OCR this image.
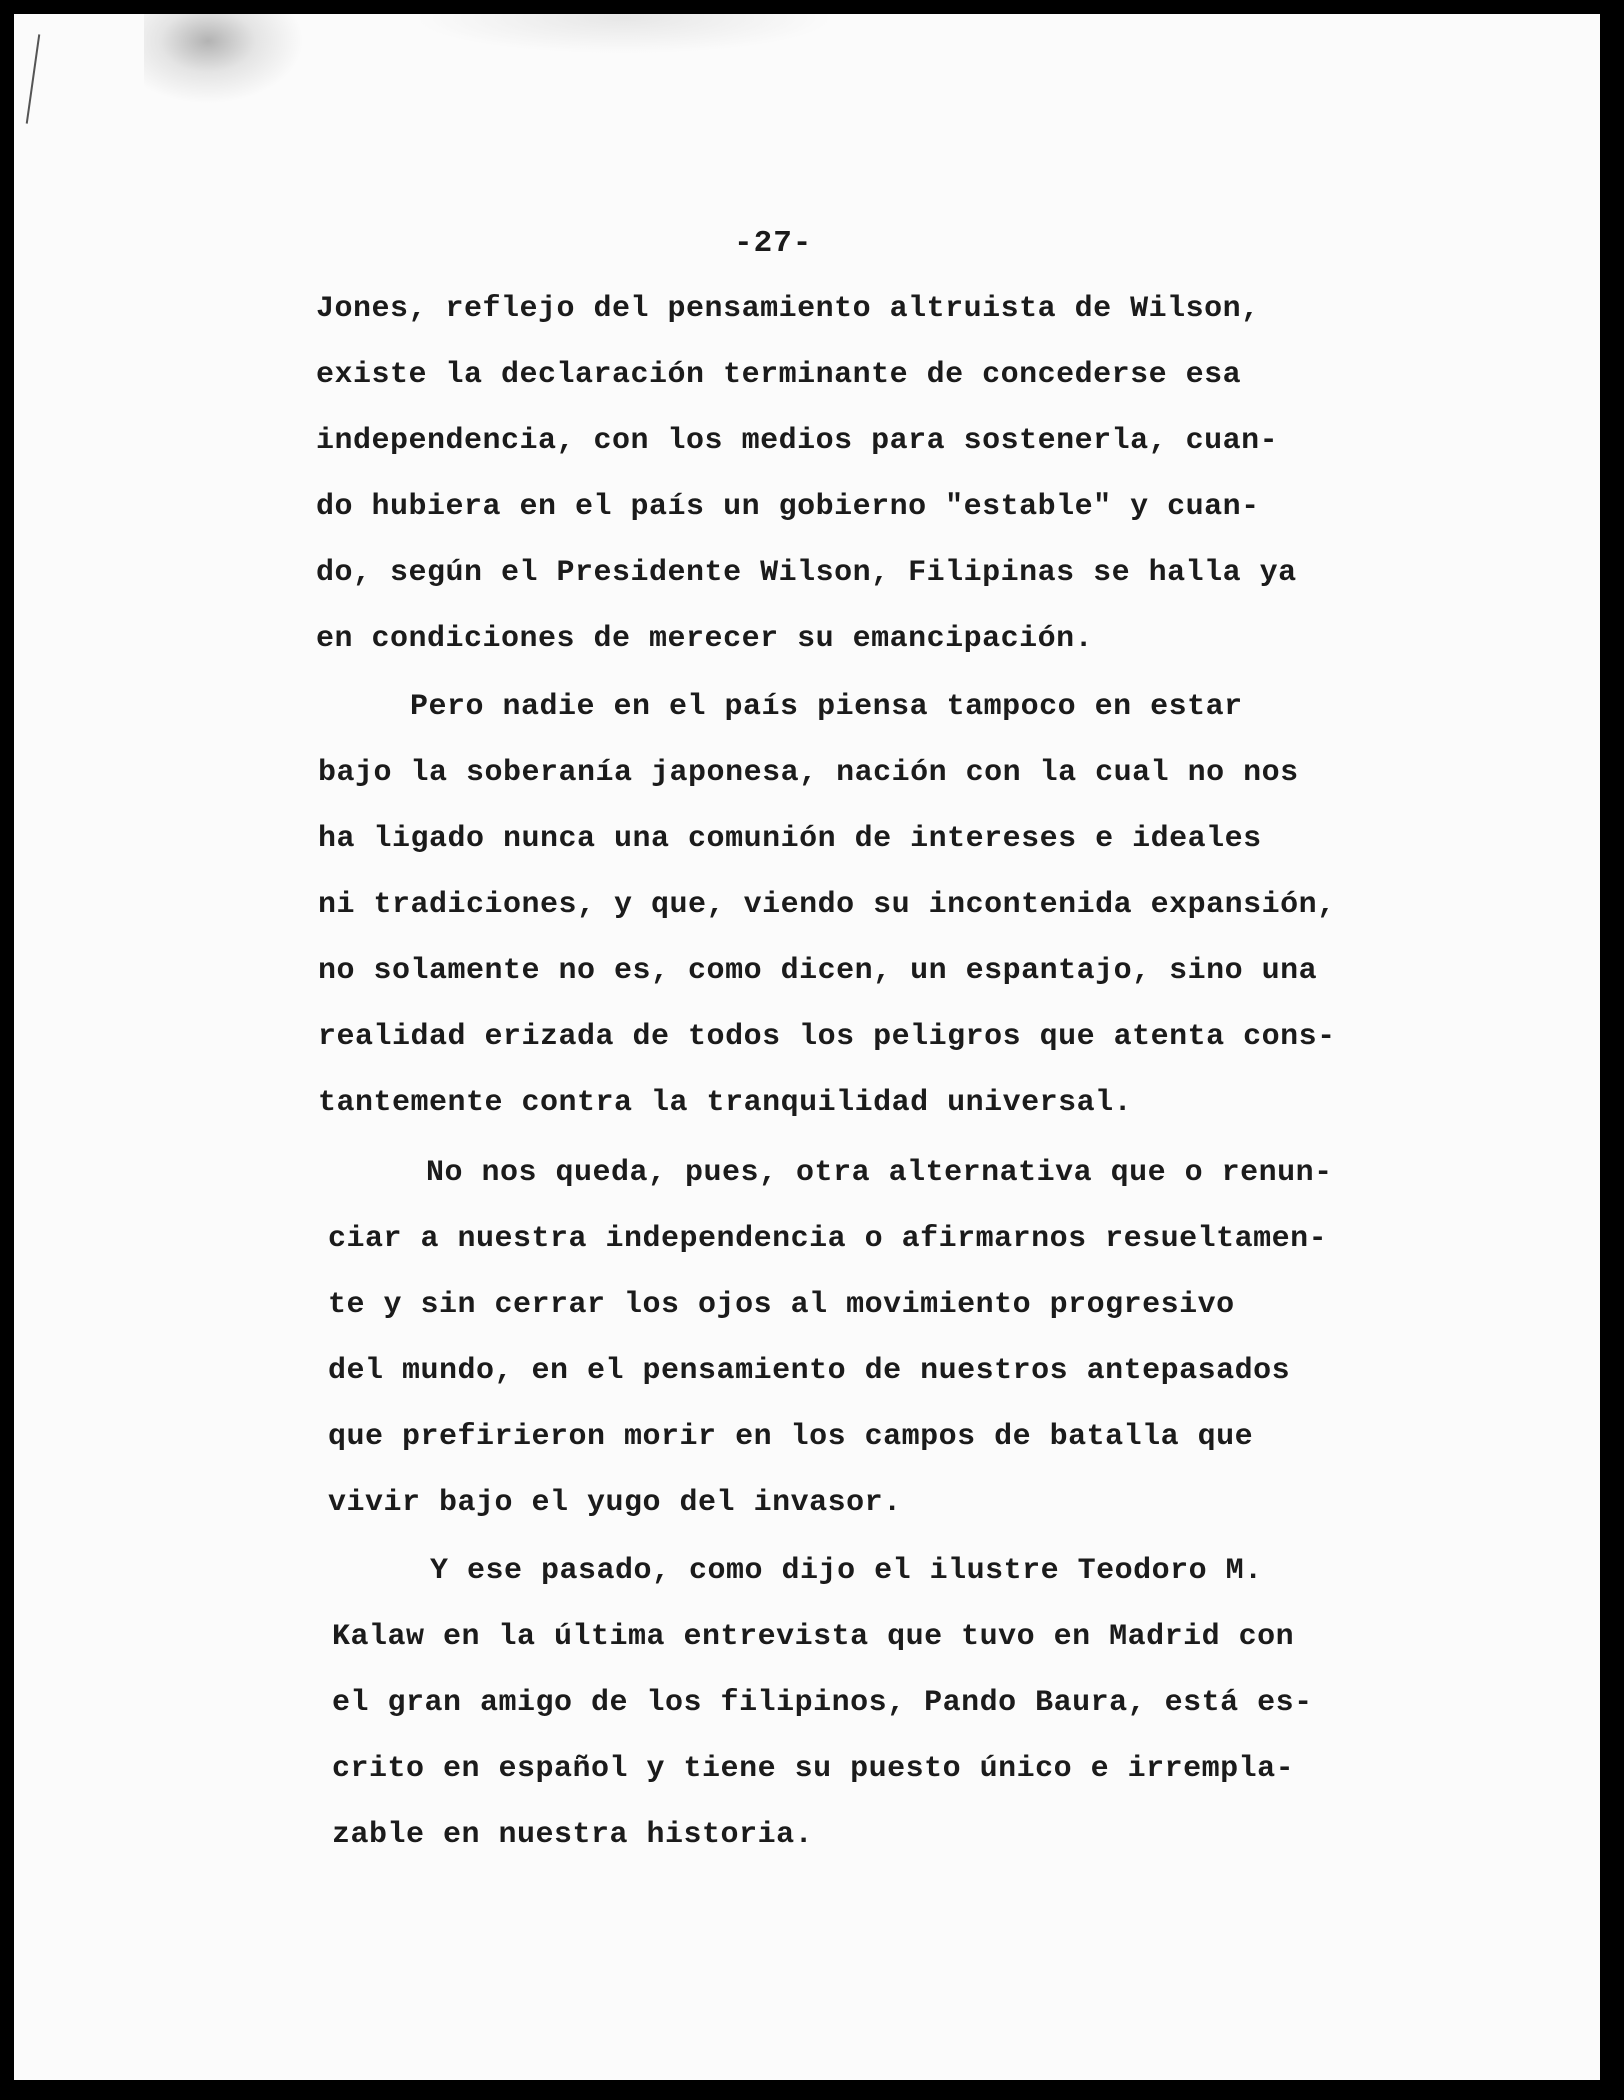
-27-
Jones, reflejo del pensamiento altruista de Wilson,
existe la declaración terminante de concederse esa
independencia, con los medios para sostenerla, cuan-
do hubiera en el país un gobierno "estable" y cuan-
do, según el Presidente Wilson, Filipinas se halla ya
en condiciones de merecer su emancipación.
Pero nadie en el país piensa tampoco en estar
bajo la soberanía japonesa, nación con la cual no nos
ha ligado nunca una comunión de intereses e ideales
ni tradiciones, y que, viendo su incontenida expansión,
no solamente no es, como dicen, un espantajo, sino una
realidad erizada de todos los peligros que atenta cons-
tantemente contra la tranquilidad universal.
No nos queda, pues, otra alternativa que o renun-
ciar a nuestra independencia o afirmarnos resueltamen-
te y sin cerrar los ojos al movimiento progresivo
del mundo, en el pensamiento de nuestros antepasados
que prefirieron morir en los campos de batalla que
vivir bajo el yugo del invasor.
Y ese pasado, como dijo el ilustre Teodoro M.
Kalaw en la última entrevista que tuvo en Madrid con
el gran amigo de los filipinos, Pando Baura, está es-
crito en español y tiene su puesto único e irrempla-
zable en nuestra historia.
